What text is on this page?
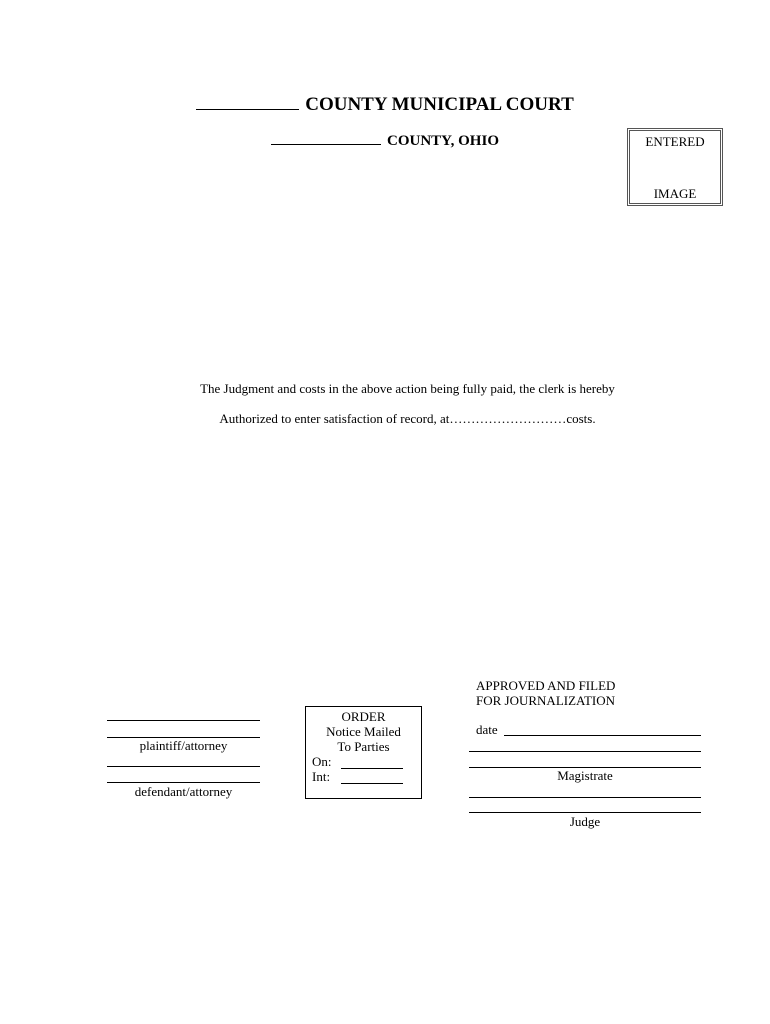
COUNTY MUNICIPAL COURT
COUNTY, OHIO	ENTERED
IMAGE
The Judgment and costs in the above action being fully paid, the clerk is hereby
Authorized to enter satisfaction of record, at………………………costs.
plaintiff/attorney
defendant/attorney
ORDER
Notice Mailed
To Parties
On:
Int:
APPROVED AND FILED
FOR JOURNALIZATION
date
Magistrate
Judge
